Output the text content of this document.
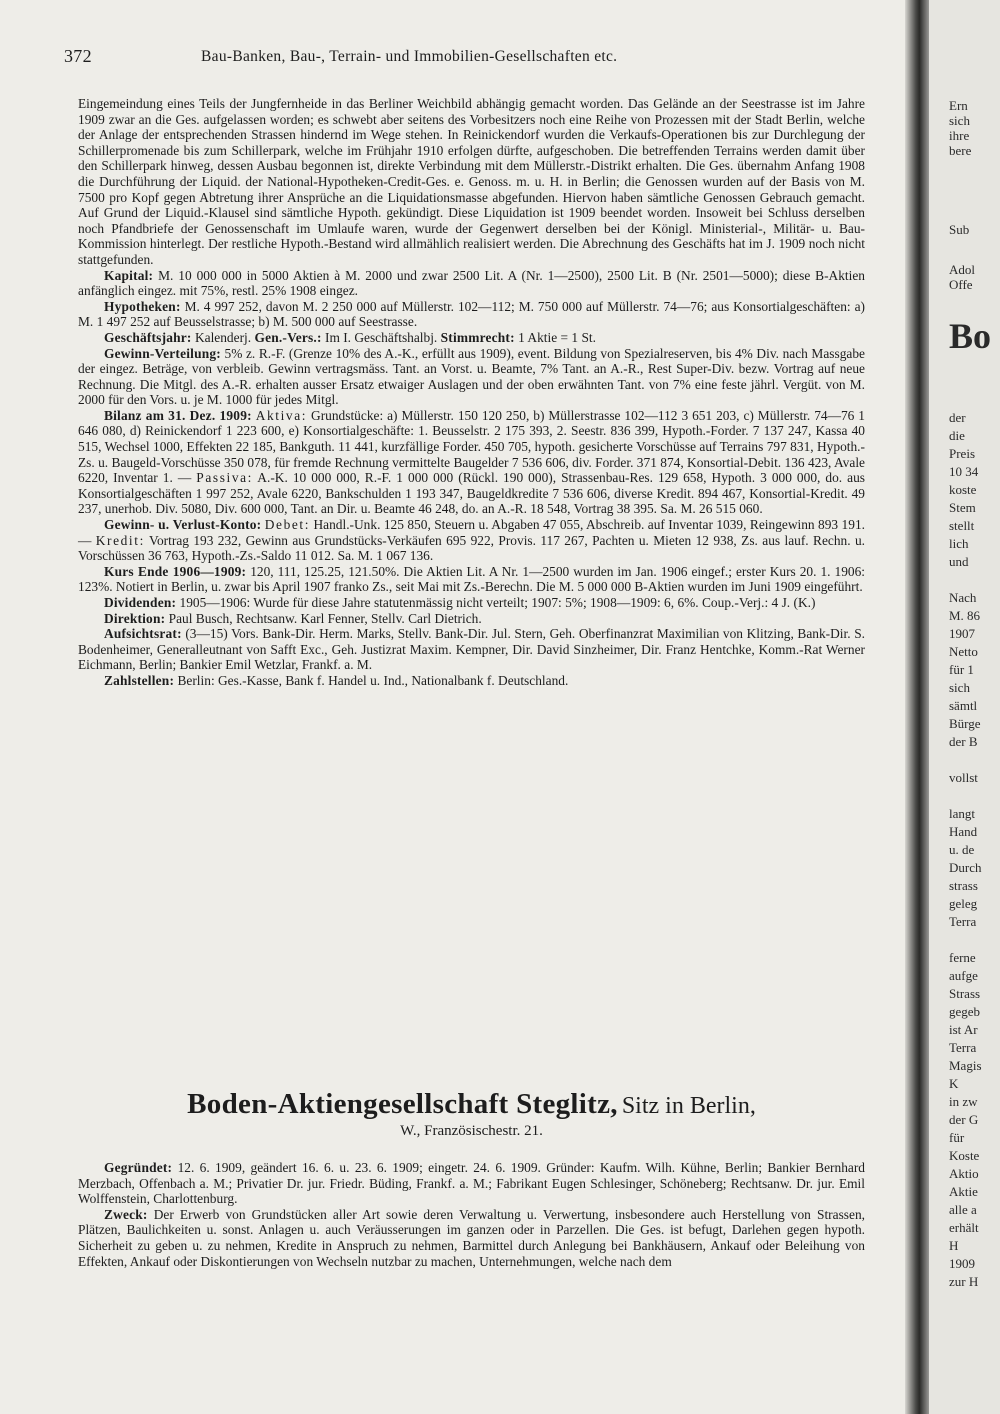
372	Bau-Banken, Bau-, Terrain- und Immobilien-Gesellschaften etc.

Eingemeindung eines Teils der Jungfernheide in das Berliner Weichbild abhängig gemacht worden. Das Gelände an der Seestrasse ist im Jahre 1909 zwar an die Ges. aufgelassen worden; es schwebt aber seitens des Vorbesitzers noch eine Reihe von Prozessen mit der Stadt Berlin, welche der Anlage der entsprechenden Strassen hindernd im Wege stehen. In Reinickendorf wurden die Verkaufs-Operationen bis zur Durchlegung der Schillerpromenade bis zum Schillerpark, welche im Frühjahr 1910 erfolgen dürfte, aufgeschoben. Die betreffenden Terrains werden damit über den Schillerpark hinweg, dessen Ausbau begonnen ist, direkte Verbindung mit dem Müllerstr.-Distrikt erhalten. Die Ges. übernahm Anfang 1908 die Durchführung der Liquid. der National-Hypotheken-Credit-Ges. e. Genoss. m. u. H. in Berlin; die Genossen wurden auf der Basis von M. 7500 pro Kopf gegen Abtretung ihrer Ansprüche an die Liquidationsmasse abgefunden. Hiervon haben sämtliche Genossen Gebrauch gemacht. Auf Grund der Liquid.-Klausel sind sämtliche Hypoth. gekündigt. Diese Liquidation ist 1909 beendet worden. Insoweit bei Schluss derselben noch Pfandbriefe der Genossenschaft im Umlaufe waren, wurde der Gegenwert derselben bei der Königl. Ministerial-, Militär- u. Bau-Kommission hinterlegt. Der restliche Hypoth.-Bestand wird allmählich realisiert werden. Die Abrechnung des Geschäfts hat im J. 1909 noch nicht stattgefunden.

Kapital: M. 10 000 000 in 5000 Aktien à M. 2000 und zwar 2500 Lit. A (Nr. 1—2500), 2500 Lit. B (Nr. 2501—5000); diese B-Aktien anfänglich eingez. mit 75%, restl. 25% 1908 eingez.

Hypotheken: M. 4 997 252, davon M. 2 250 000 auf Müllerstr. 102—112; M. 750 000 auf Müllerstr. 74—76; aus Konsortialgeschäften: a) M. 1 497 252 auf Beusselstrasse; b) M. 500 000 auf Seestrasse.

Geschäftsjahr: Kalenderj. Gen.-Vers.: Im I. Geschäftshalbj. Stimmrecht: 1 Aktie = 1 St.

Gewinn-Verteilung: 5% z. R.-F. (Grenze 10% des A.-K., erfüllt aus 1909), event. Bildung von Spezialreserven, bis 4% Div. nach Massgabe der eingez. Beträge, von verbleib. Gewinn vertragsmäss. Tant. an Vorst. u. Beamte, 7% Tant. an A.-R., Rest Super-Div. bezw. Vortrag auf neue Rechnung. Die Mitgl. des A.-R. erhalten ausser Ersatz etwaiger Auslagen und der oben erwähnten Tant. von 7% eine feste jährl. Vergüt. von M. 2000 für den Vors. u. je M. 1000 für jedes Mitgl.

Bilanz am 31. Dez. 1909: Aktiva: Grundstücke: a) Müllerstr. 150 120 250, b) Müllerstrasse 102—112 3 651 203, c) Müllerstr. 74—76 1 646 080, d) Reinickendorf 1 223 600, e) Konsortialgeschäfte: 1. Beusselstr. 2 175 393, 2. Seestr. 836 399, Hypoth.-Forder. 7 137 247, Kassa 40 515, Wechsel 1000, Effekten 22 185, Bankguth. 11 441, kurzfällige Forder. 450 705, hypoth. gesicherte Vorschüsse auf Terrains 797 831, Hypoth.-Zs. u. Baugeld-Vorschüsse 350 078, für fremde Rechnung vermittelte Baugelder 7 536 606, div. Forder. 371 874, Konsortial-Debit. 136 423, Avale 6220, Inventar 1. — Passiva: A.-K. 10 000 000, R.-F. 1 000 000 (Rückl. 190 000), Strassenbau-Res. 129 658, Hypoth. 3 000 000, do. aus Konsortialgeschäften 1 997 252, Avale 6220, Bankschulden 1 193 347, Baugeldkredite 7 536 606, diverse Kredit. 894 467, Konsortial-Kredit. 49 237, unerhob. Div. 5080, Div. 600 000, Tant. an Dir. u. Beamte 46 248, do. an A.-R. 18 548, Vortrag 38 395. Sa. M. 26 515 060.

Gewinn- u. Verlust-Konto: Debet: Handl.-Unk. 125 850, Steuern u. Abgaben 47 055, Abschreib. auf Inventar 1039, Reingewinn 893 191. — Kredit: Vortrag 193 232, Gewinn aus Grundstücks-Verkäufen 695 922, Provis. 117 267, Pachten u. Mieten 12 938, Zs. aus lauf. Rechn. u. Vorschüssen 36 763, Hypoth.-Zs.-Saldo 11 012. Sa. M. 1 067 136.

Kurs Ende 1906—1909: 120, 111, 125.25, 121.50%. Die Aktien Lit. A Nr. 1—2500 wurden im Jan. 1906 eingef.; erster Kurs 20. 1. 1906: 123%. Notiert in Berlin, u. zwar bis April 1907 franko Zs., seit Mai mit Zs.-Berechn. Die M. 5 000 000 B-Aktien wurden im Juni 1909 eingeführt.

Dividenden: 1905—1906: Wurde für diese Jahre statutenmässig nicht verteilt; 1907: 5%; 1908—1909: 6, 6%. Coup.-Verj.: 4 J. (K.)

Direktion: Paul Busch, Rechtsanw. Karl Fenner, Stellv. Carl Dietrich.

Aufsichtsrat: (3—15) Vors. Bank-Dir. Herm. Marks, Stellv. Bank-Dir. Jul. Stern, Geh. Oberfinanzrat Maximilian von Klitzing, Bank-Dir. S. Bodenheimer, Generalleutnant von Safft Exc., Geh. Justizrat Maxim. Kempner, Dir. David Sinzheimer, Dir. Franz Hentchke, Komm.-Rat Werner Eichmann, Berlin; Bankier Emil Wetzlar, Frankf. a. M.

Zahlstellen: Berlin: Ges.-Kasse, Bank f. Handel u. Ind., Nationalbank f. Deutschland.

Boden-Aktiengesellschaft Steglitz, Sitz in Berlin,
W., Französischestr. 21.

Gegründet: 12. 6. 1909, geändert 16. 6. u. 23. 6. 1909; eingetr. 24. 6. 1909. Gründer: Kaufm. Wilh. Kühne, Berlin; Bankier Bernhard Merzbach, Offenbach a. M.; Privatier Dr. jur. Friedr. Büding, Frankf. a. M.; Fabrikant Eugen Schlesinger, Schöneberg; Rechtsanw. Dr. jur. Emil Wolffenstein, Charlottenburg.

Zweck: Der Erwerb von Grundstücken aller Art sowie deren Verwaltung u. Verwertung, insbesondere auch Herstellung von Strassen, Plätzen, Baulichkeiten u. sonst. Anlagen u. auch Veräusserungen im ganzen oder in Parzellen. Die Ges. ist befugt, Darlehen gegen hypoth. Sicherheit zu geben u. zu nehmen, Kredite in Anspruch zu nehmen, Barmittel durch Anlegung bei Bankhäusern, Ankauf oder Beleihung von Effekten, Ankauf oder Diskontierungen von Wechseln nutzbar zu machen, Unternehmungen, welche nach dem

Ern
sich
ihre
bere
Sub
Adol
Offe
Bo
der
die
Preis
10 34
koste
Stem
stellt
lich
und
Nach
M. 86
1907
Netto
für 1
sich
sämtl
Bürge
der B
vollst
langt
Hand
u. de
Durch
strass
geleg
Terra
ferne
aufge
Strass
gegeb
ist Ar
Terra
Magis
K
in zw
der G
für
Koste
Aktio
Aktie
alle a
erhält
H
1909
zur H
